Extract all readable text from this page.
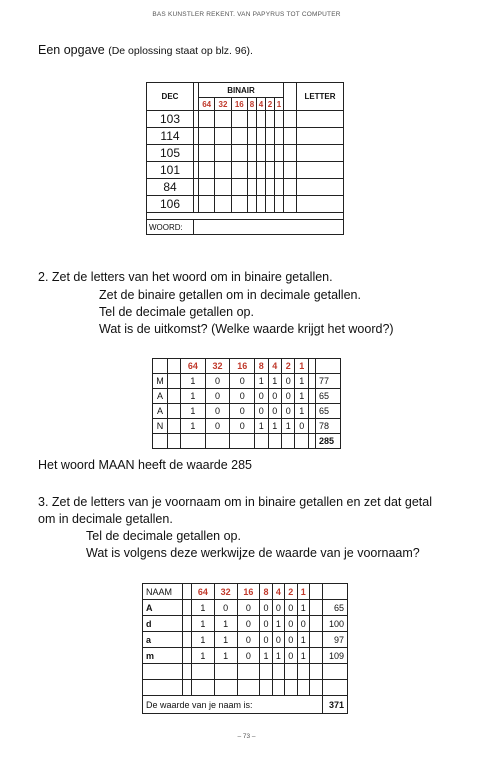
BAS KUNSTLER REKENT. VAN PAPYRUS TOT COMPUTER
Een opgave (De oplossing staat op blz. 96).
DEC		BINAIR								LETTER
		64	32	16	8	4	2	1		
103										
114										
105										
101										
84										
106										

WOORD:										
2. Zet de letters van het woord om in binaire getallen.
Zet de binaire getallen om in decimale getallen.
Tel de decimale getallen op.
Wat is de uitkomst? (Welke waarde krijgt het woord?)
		64	32	16	8	4	2	1		
M		1	0	0	1	1	0	1		77
A		1	0	0	0	0	0	1		65
A		1	0	0	0	0	0	1		65
N		1	0	0	1	1	1	0		78
										285
Het woord MAAN heeft de waarde 285
3. Zet de letters van je voornaam om in binaire getallen en zet dat getal
om in decimale getallen.
Tel de decimale getallen op.
Wat is volgens deze werkwijze de waarde van je voornaam?
NAAM		64	32	16	8	4	2	1		
A		1	0	0	0	0	0	1		65
d		1	1	0	0	1	0	0		100
a		1	1	0	0	0	0	1		97
m		1	1	0	1	1	0	1		109

De waarde van je naam is:										371
– 73 –
